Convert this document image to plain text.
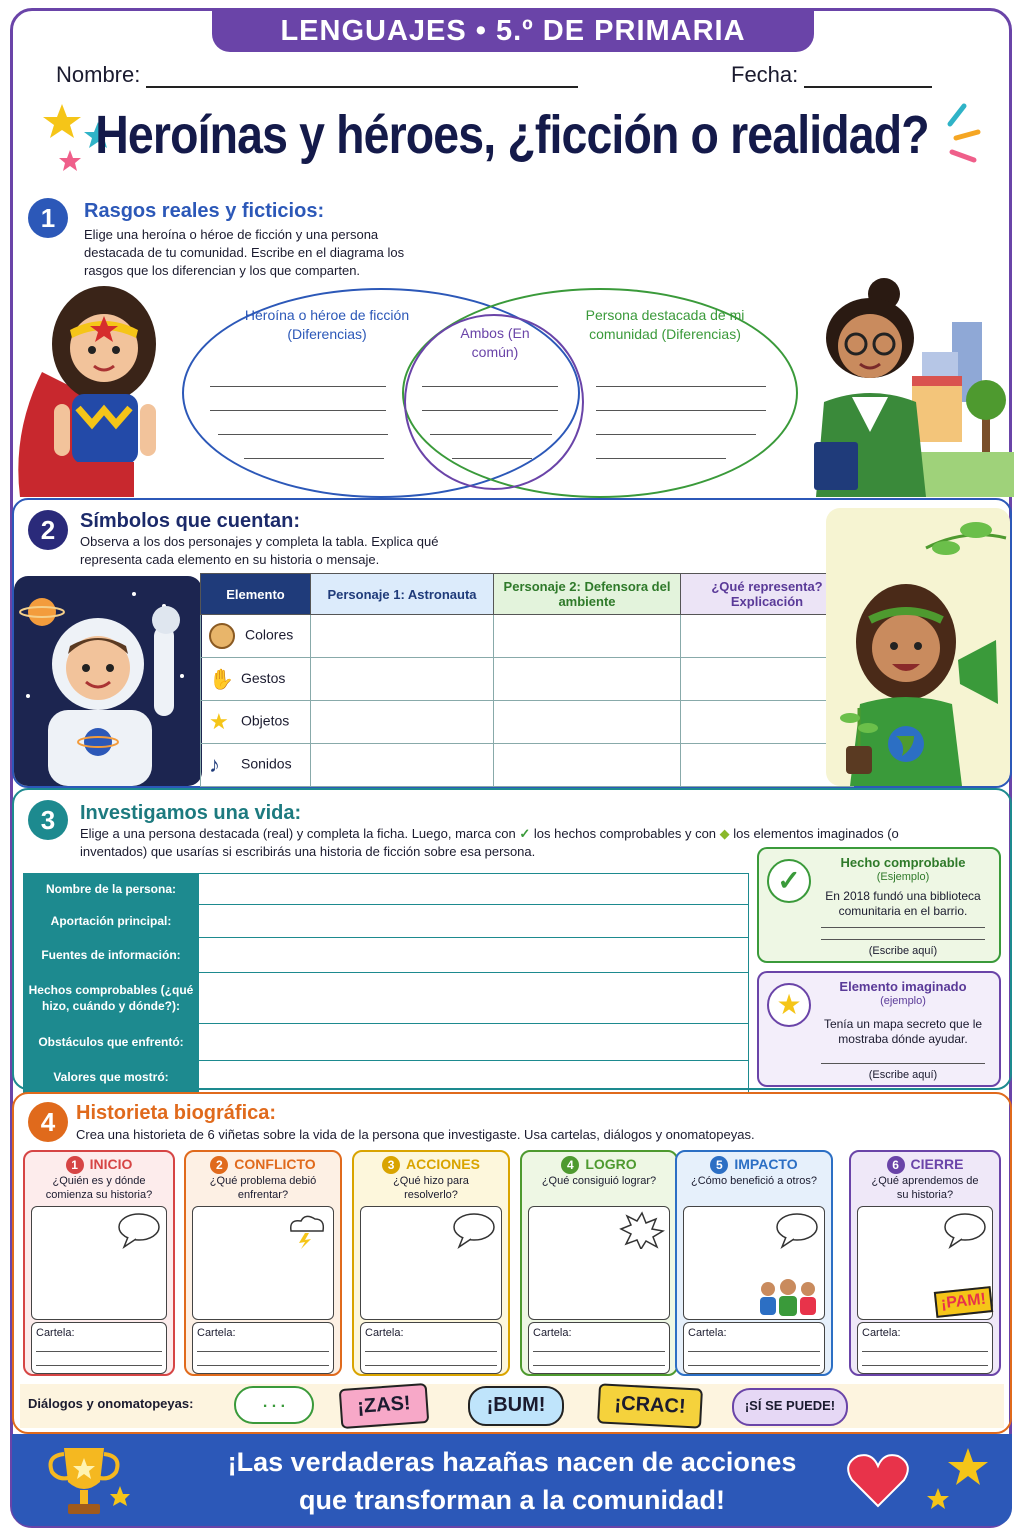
LENGUAJES • 5.º DE PRIMARIA
Nombre:	Fecha:
Heroínas y héroes, ¿ficción o realidad?
1	Rasgos reales y ficticios:
Elige una heroína o héroe de ficción y una persona destacada de tu comunidad. Escribe en el diagrama los rasgos que los diferencian y los que comparten.
Heroína o héroe de ficción (Diferencias)	Ambos (En común)
Persona destacada de mi comunidad (Diferencias)
2	Símbolos que cuentan:
Observa a los dos personajes y completa la tabla. Explica qué representa cada elemento en su historia o mensaje.
Elemento	Personaje 1: Astronauta	Personaje 2: Defensora del ambiente	¿Qué representa? Explicación
Colores			
✋ Gestos			
★ Objetos			
♪ Sonidos			
3	Investigamos una vida:
Elige a una persona destacada (real) y completa la ficha. Luego, marca con ✓ los hechos comprobables y con ◆ los elementos imaginados (o inventados) que usarías si escribirás una historia de ficción sobre esa persona.
Nombre de la persona:	
Aportación principal:	
Fuentes de información:	
Hechos comprobables (¿qué hizo, cuándo y dónde?):	
Obstáculos que enfrentó:	
Valores que mostró:	
✓
Hecho comprobable
(Esjemplo)
En 2018 fundó una biblioteca comunitaria en el barrio.
(Escribe aquí)
★
Elemento imaginado
(ejemplo)
Tenía un mapa secreto que le mostraba dónde ayudar.
(Escribe aquí)
4	Historieta biográfica:
Crea una historieta de 6 viñetas sobre la vida de la persona que investigaste. Usa cartelas, diálogos y onomatopeyas.
1 INICIO
¿Quién es y dónde comienza su historia?
Cartela:
2 CONFLICTO
¿Qué problema debió enfrentar?
Cartela:
3 ACCIONES
¿Qué hizo para resolverlo?
Cartela:
4 LOGRO
¿Qué consiguió lograr?
Cartela:
5 IMPACTO
¿Cómo benefició a otros?
Cartela:
6 CIERRE
¿Qué aprendemos de su historia?
¡PAM!
Cartela:
Diálogos y onomatopeyas:	. . .	¡ZAS!	¡BUM!	¡CRAC!	¡SÍ SE PUEDE!
¡Las verdaderas hazañas nacen de acciones
que transforman a la comunidad!
